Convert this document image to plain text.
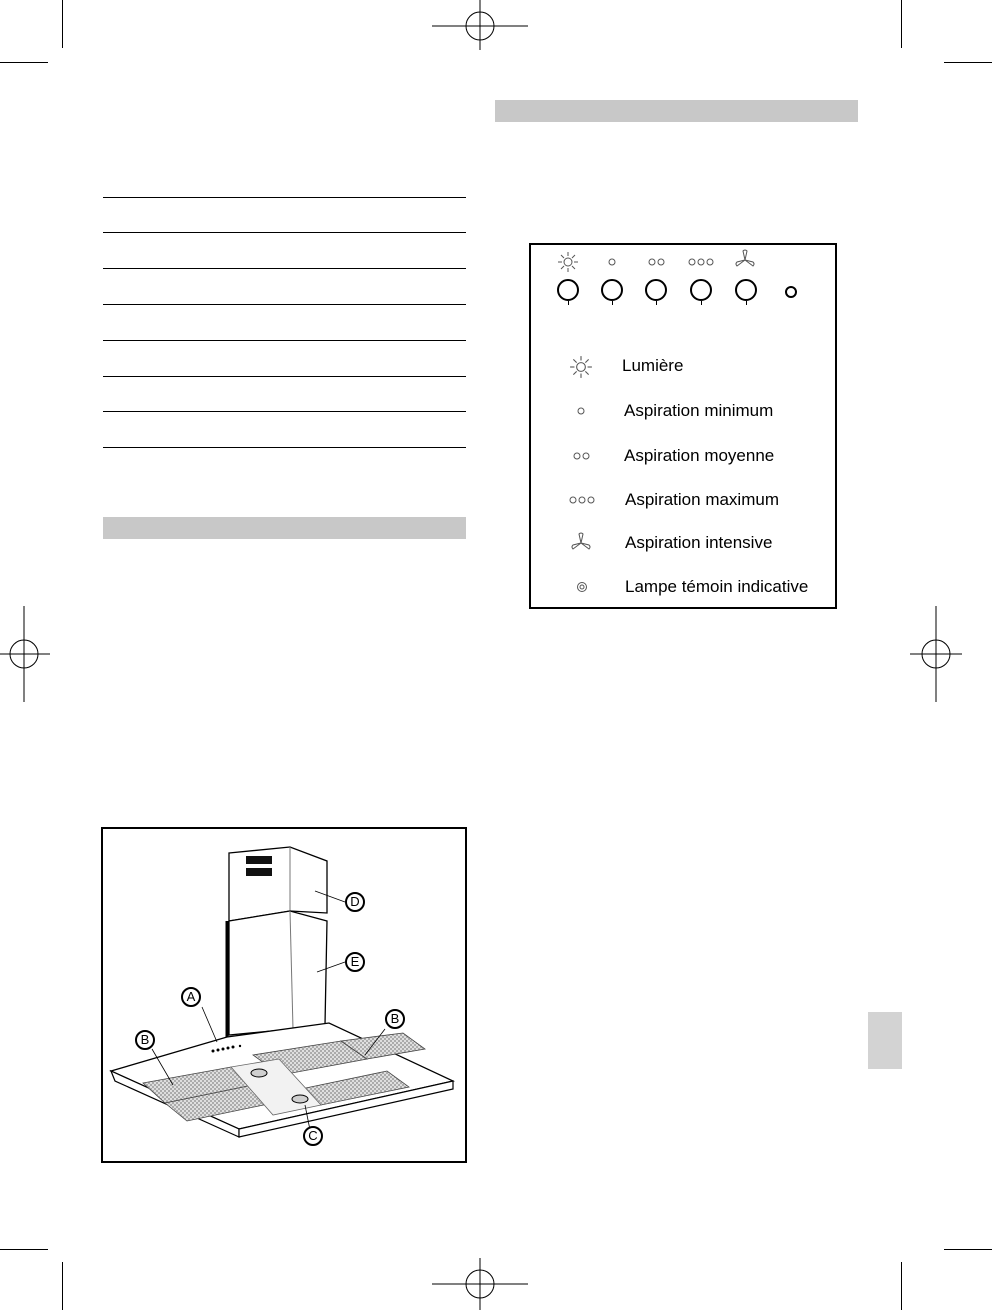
Lumière
Aspiration minimum
Aspiration moyenne
Aspiration maximum
Aspiration intensive
Lampe témoin indicative
A
B
B
C
D
E
